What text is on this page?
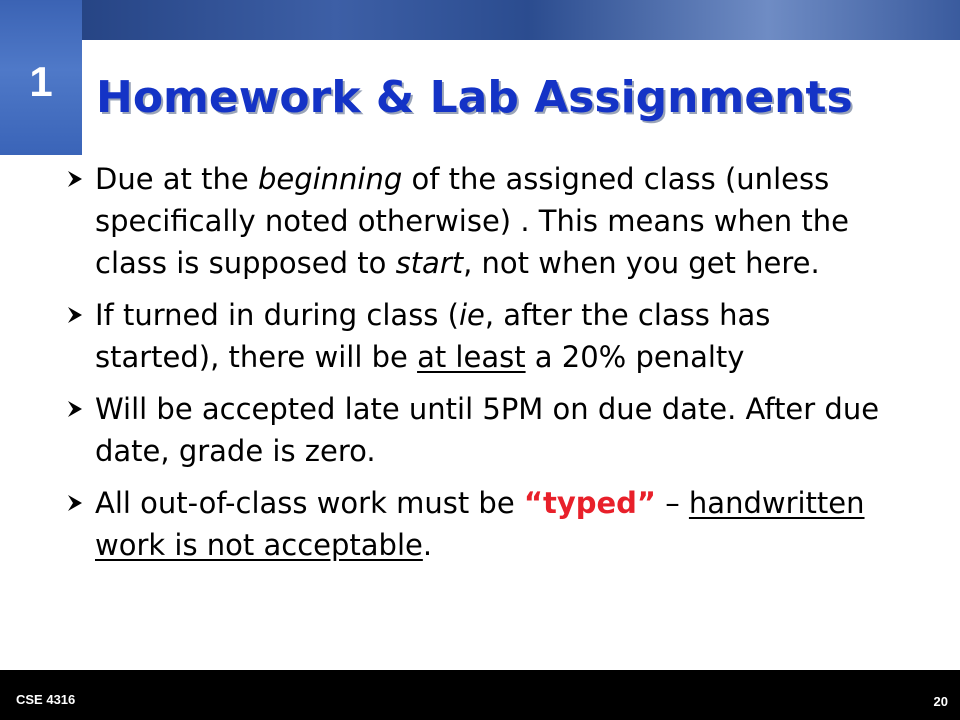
1 Homework & Lab Assignments
Due at the beginning of the assigned class (unless specifically noted otherwise) . This means when the class is supposed to start, not when you get here.
If turned in during class (ie, after the class has started), there will be at least a 20% penalty
Will be accepted late until 5PM on due date. After due date, grade is zero.
All out-of-class work must be “typed” – handwritten work is not acceptable.
CSE 4316	20
